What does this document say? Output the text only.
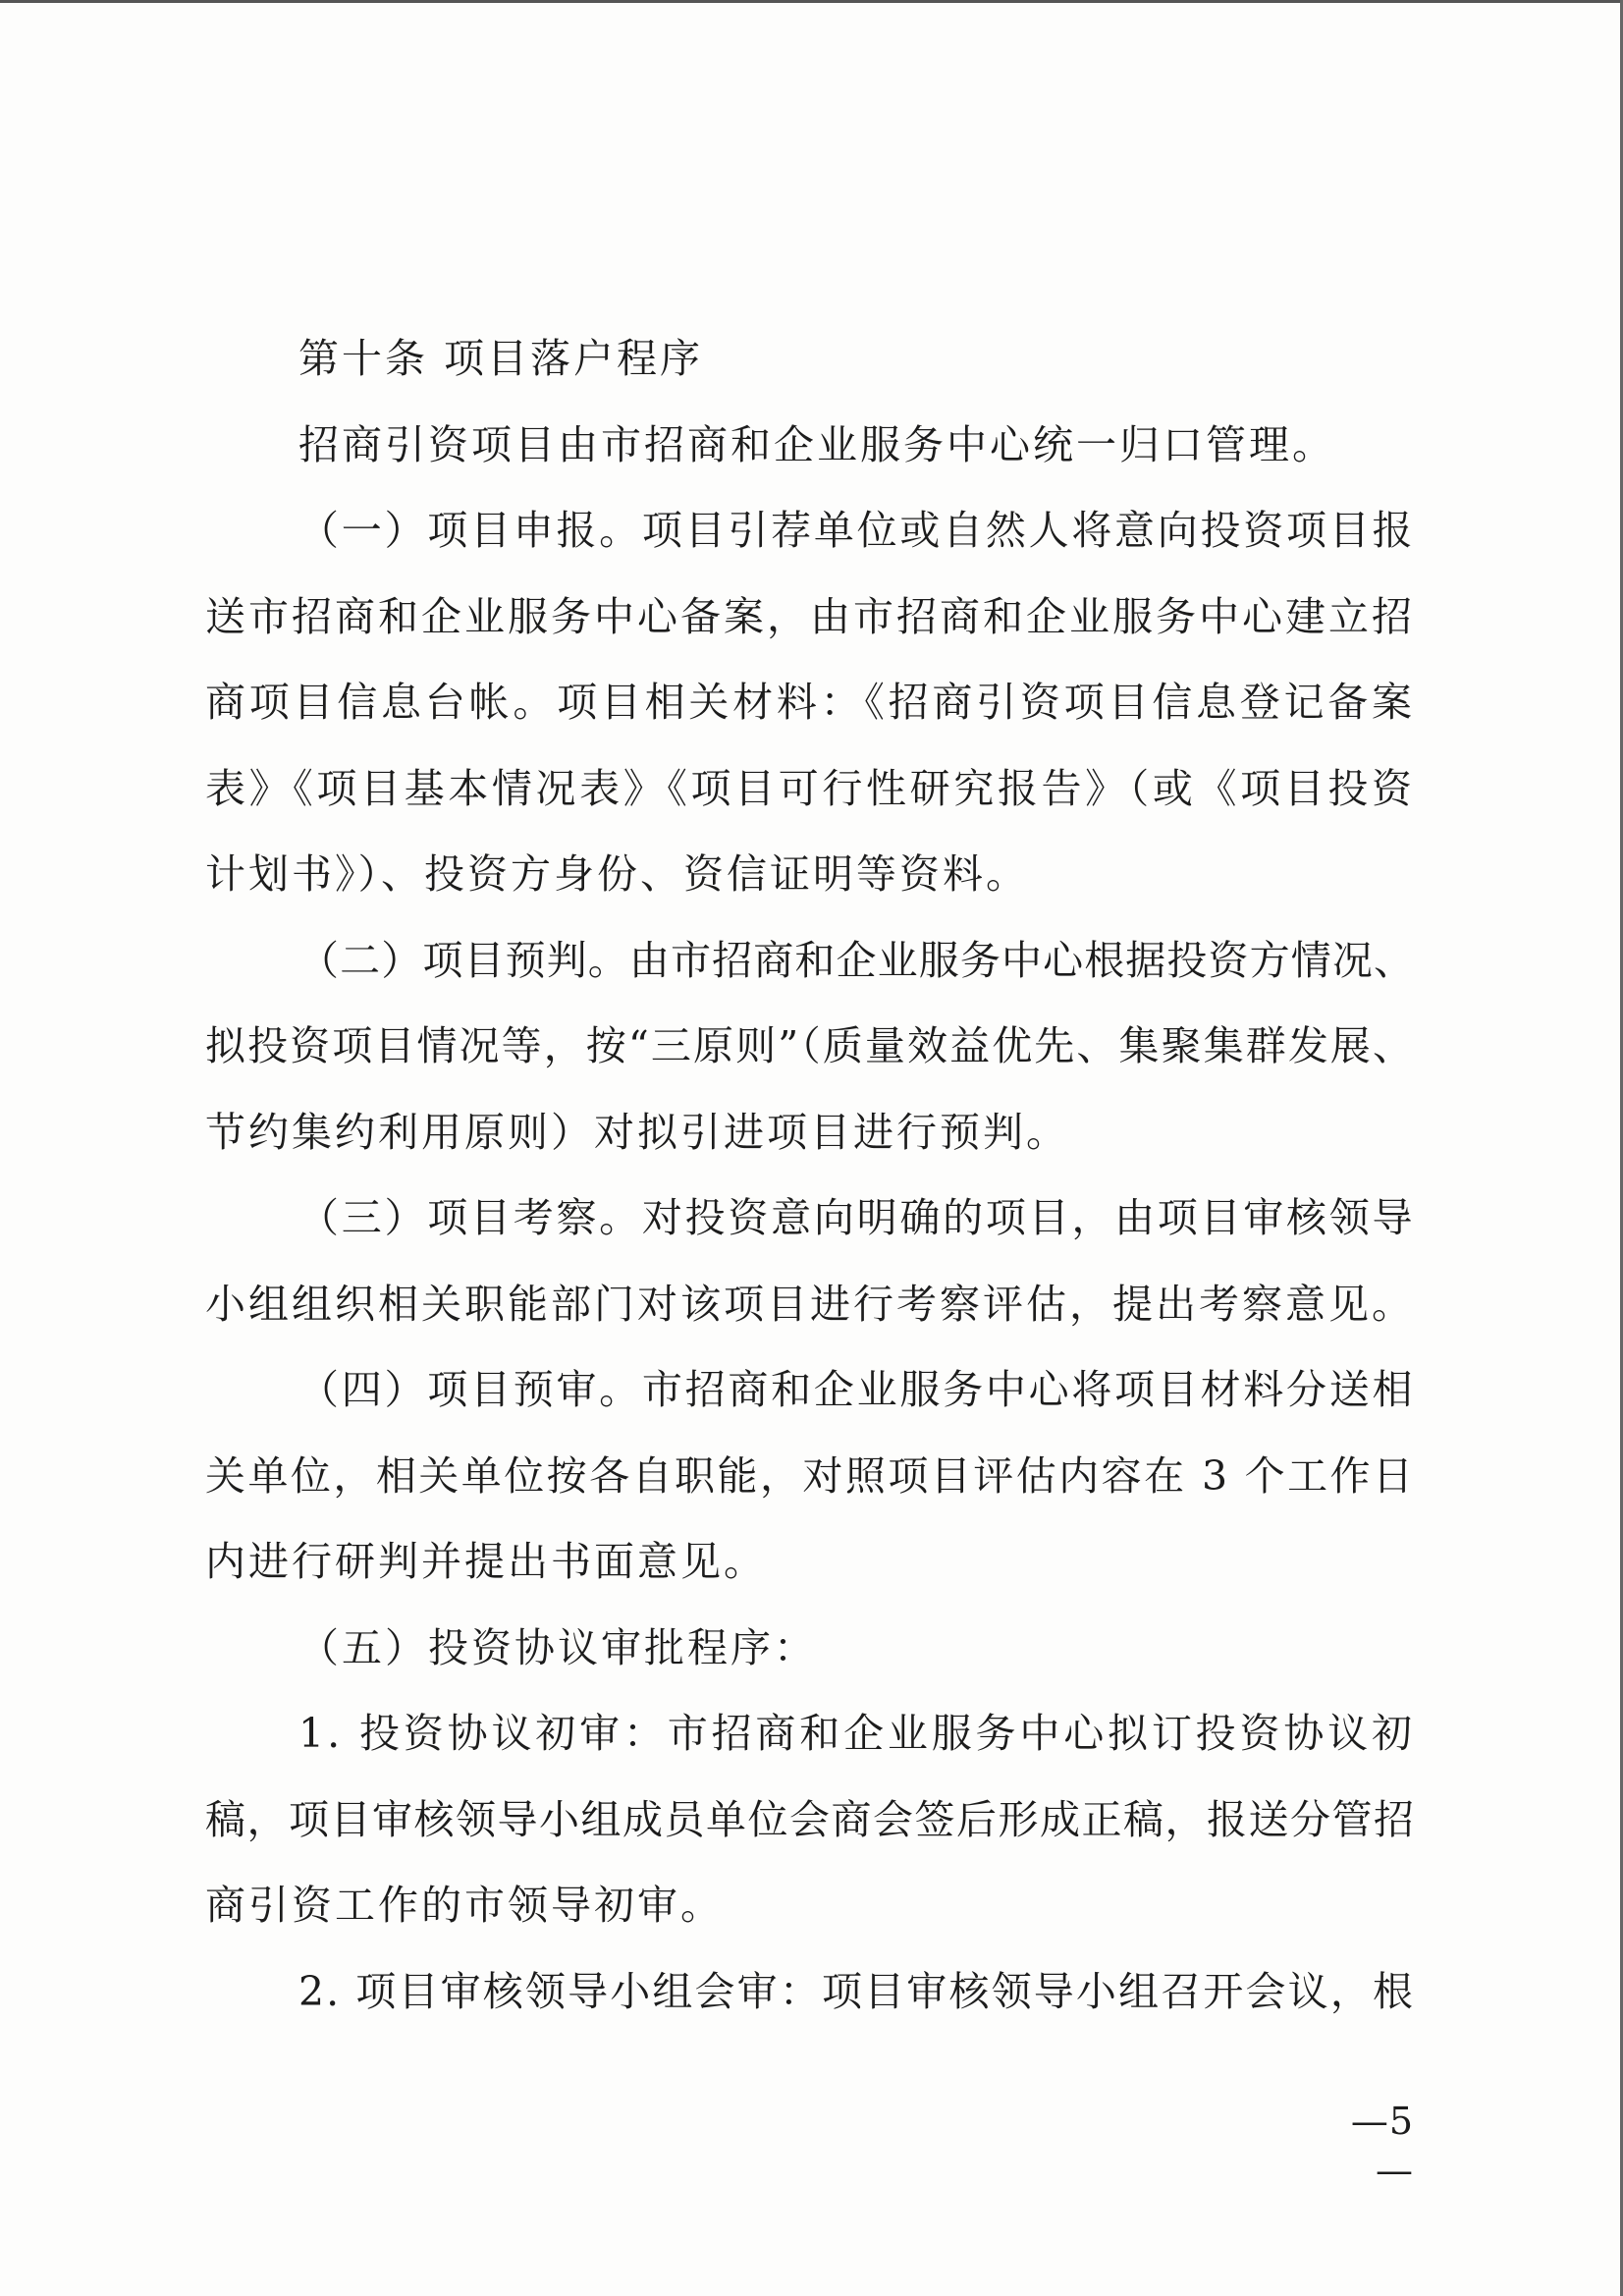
第十条 项目落户程序
招商引资项目由市招商和企业服务中心统一归口管理。
（一）项目申报。项目引荐单位或自然人将意向投资项目报
送市招商和企业服务中心备案，由市招商和企业服务中心建立招
商项目信息台帐。项目相关材料：《招商引资项目信息登记备案
表》《项目基本情况表》《项目可行性研究报告》（或《项目投资
计划书》）、投资方身份、资信证明等资料。
（二）项目预判。由市招商和企业服务中心根据投资方情况、
拟投资项目情况等，按“三原则”（质量效益优先、集聚集群发展、
节约集约利用原则）对拟引进项目进行预判。
（三）项目考察。对投资意向明确的项目，由项目审核领导
小组组织相关职能部门对该项目进行考察评估，提出考察意见。
（四）项目预审。市招商和企业服务中心将项目材料分送相
关单位，相关单位按各自职能，对照项目评估内容在 3 个工作日
内进行研判并提出书面意见。
（五）投资协议审批程序：
1. 投资协议初审：市招商和企业服务中心拟订投资协议初
稿，项目审核领导小组成员单位会商会签后形成正稿，报送分管招
商引资工作的市领导初审。
2. 项目审核领导小组会审：项目审核领导小组召开会议，根
—5—
